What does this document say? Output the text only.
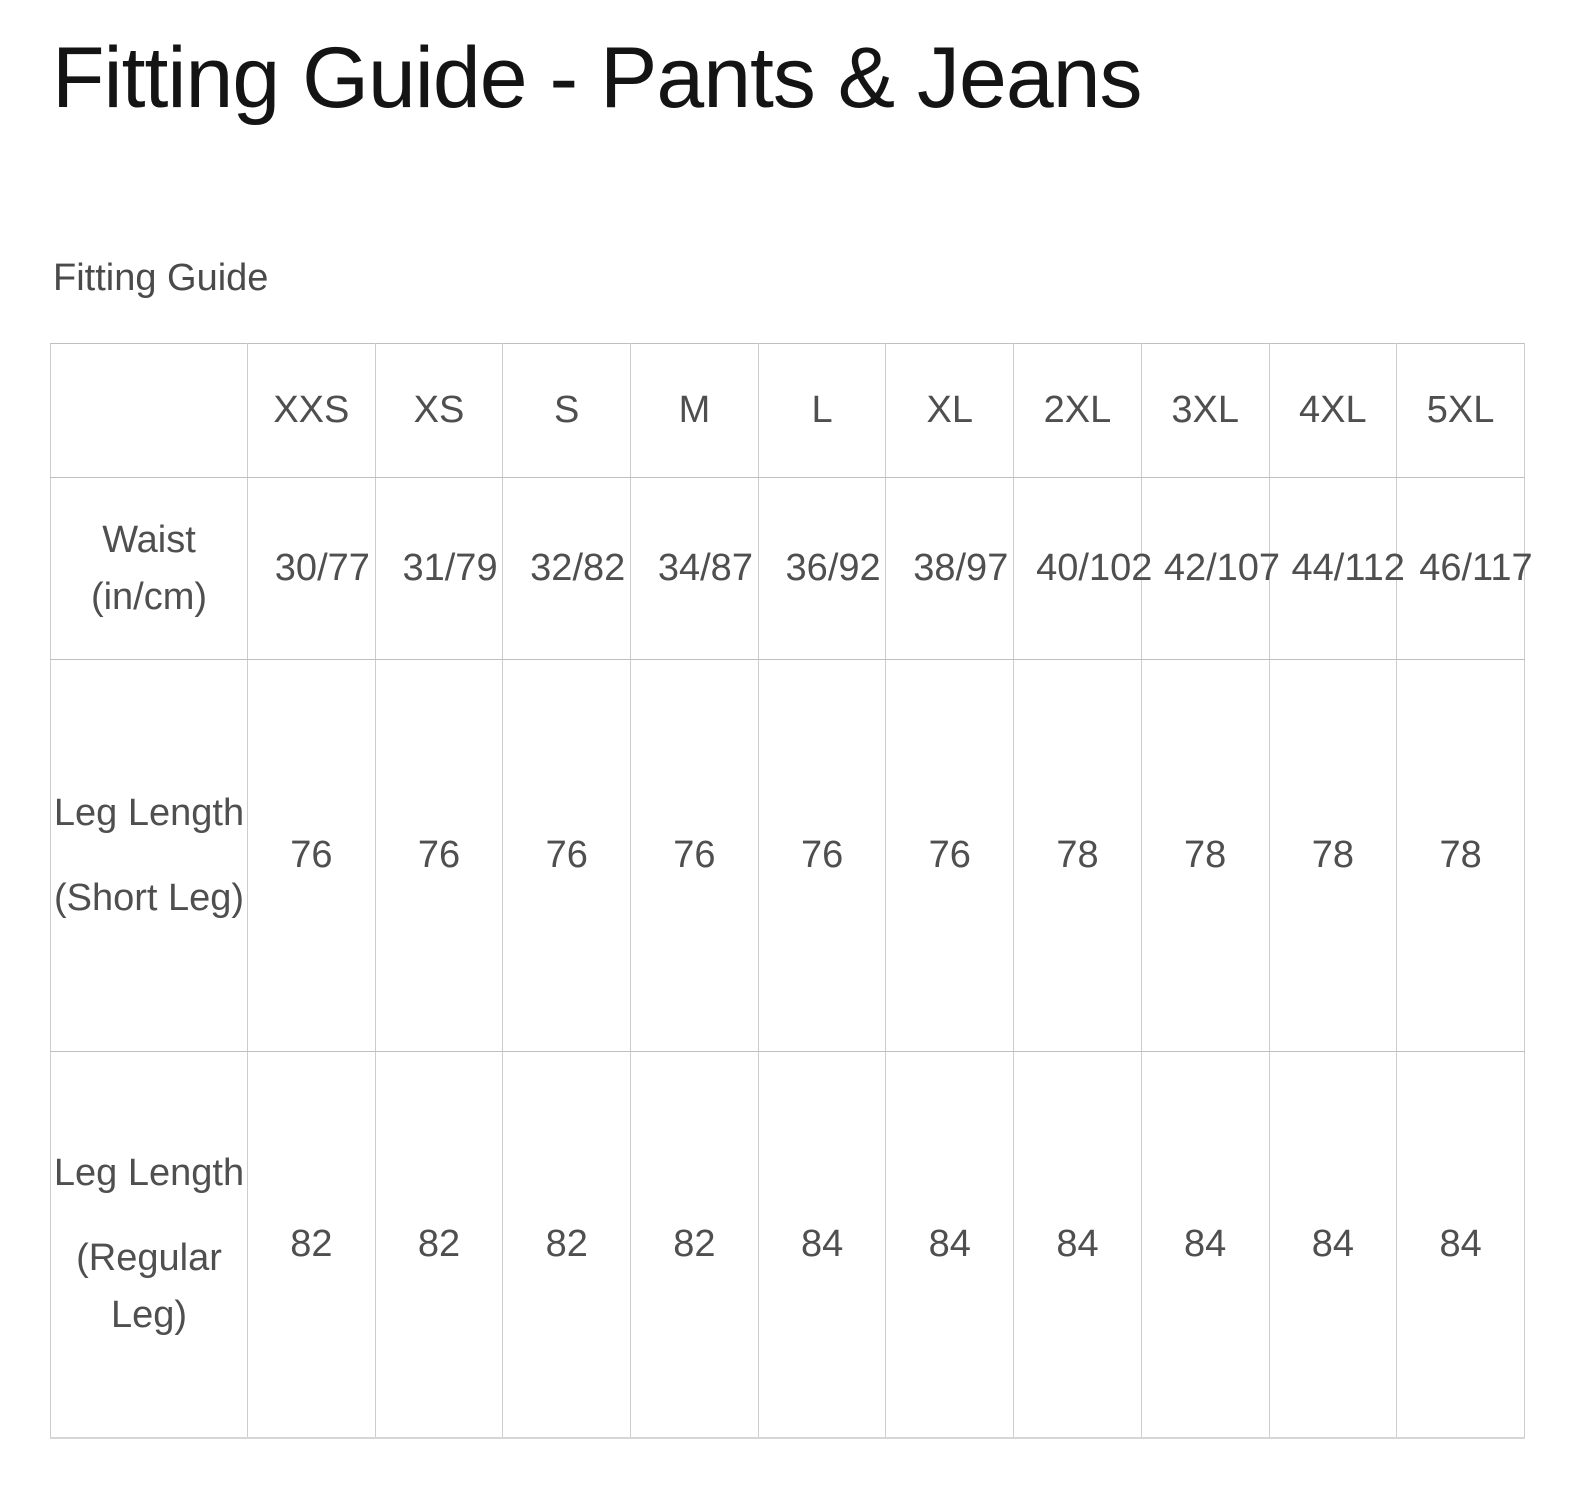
Fitting Guide - Pants & Jeans
Fitting Guide
	XXS	XS	S	M	L	XL	2XL	3XL	4XL	5XL

Waist (in/cm)	30/77	31/79	32/82	34/87	36/92	38/97	40/102	42/107	44/112	46/117

Leg Length
(Short Leg)	76	76	76	76	76	76	78	78	78	78

Leg Length
(Regular Leg)	82	82	82	82	84	84	84	84	84	84
